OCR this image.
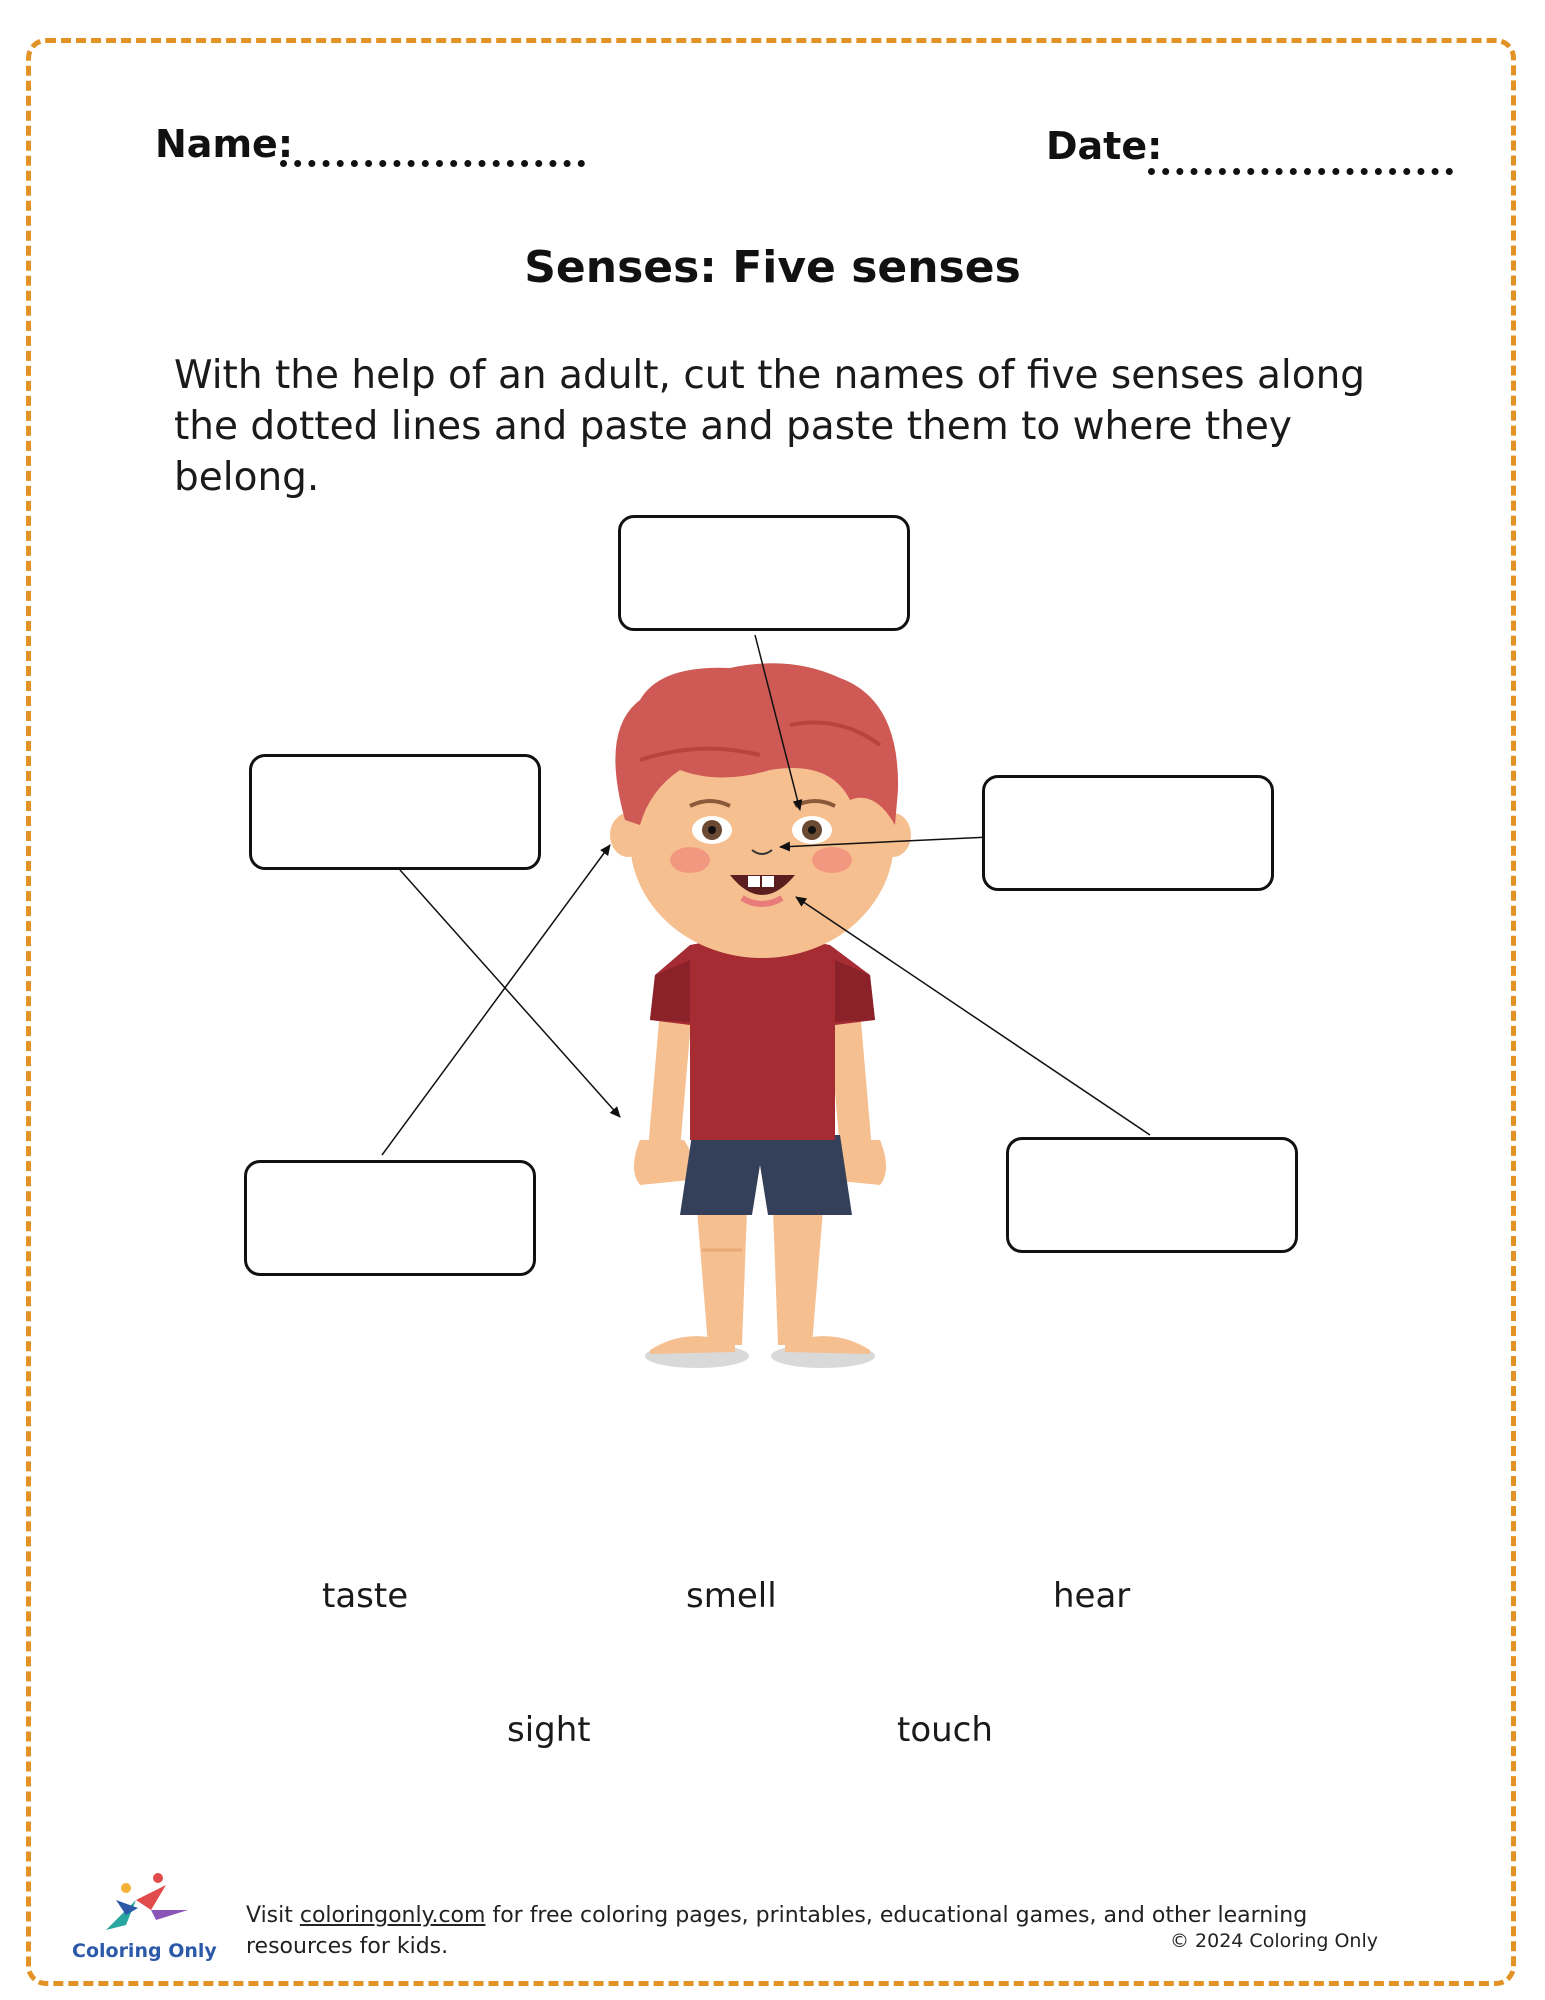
Name:	Date:
Senses: Five senses
With the help of an adult, cut the names of five senses along the dotted lines and paste and paste them to where they belong.
taste	smell	hear
sight	touch
Coloring Only
Visit coloringonly.com for free coloring pages, printables, educational games, and other learning resources for kids.	© 2024 Coloring Only
